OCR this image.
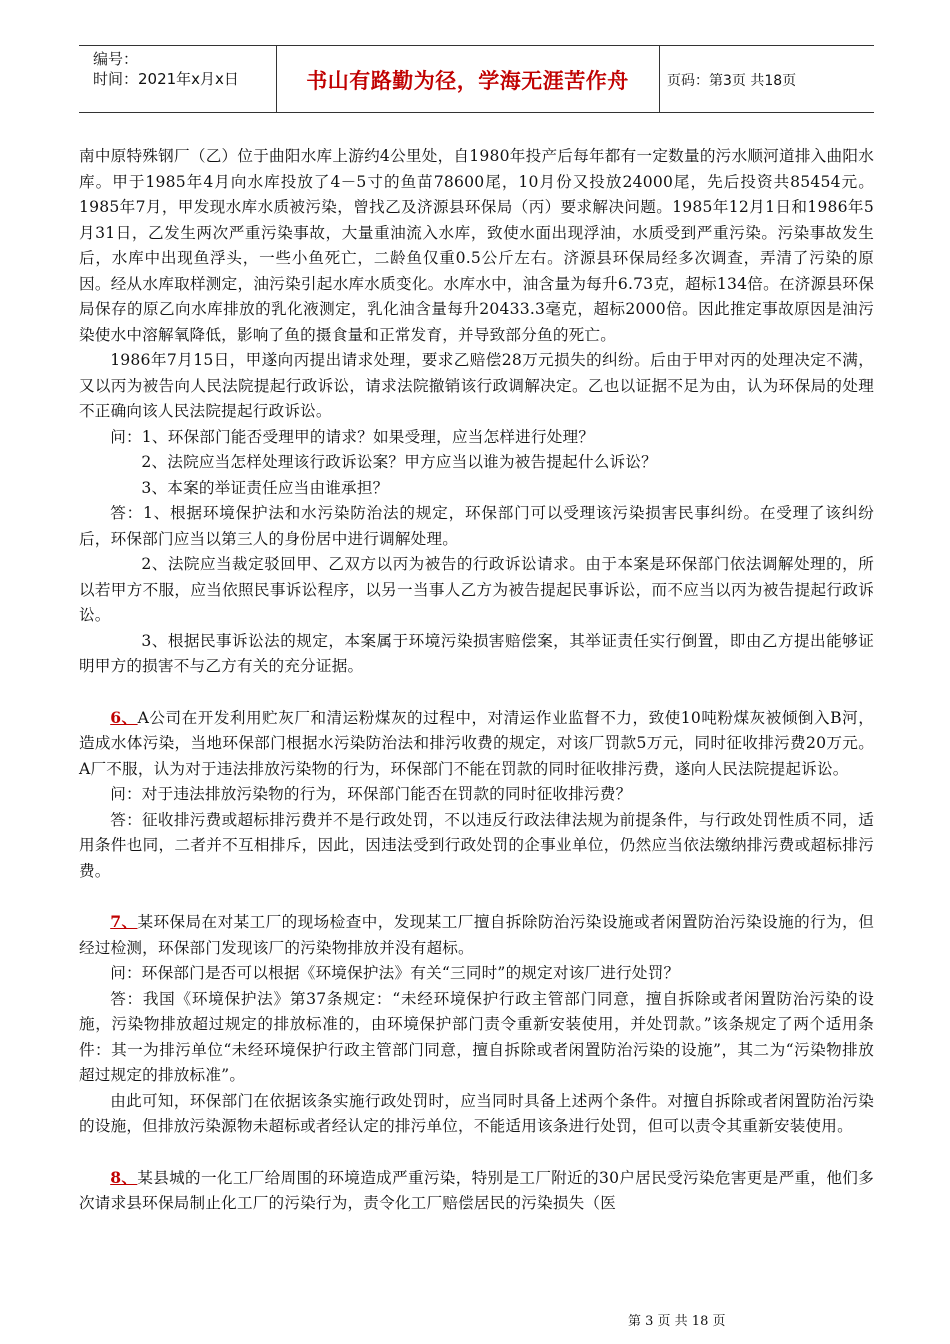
编号：
时间：2021年x月x日	书山有路勤为径，学海无涯苦作舟	页码：第3页 共18页

南中原特殊钢厂（乙）位于曲阳水库上游约4公里处，自1980年投产后每年都有一定数量的污水顺河道排入曲阳水库。甲于1985年4月向水库投放了4－5寸的鱼苗78600尾，10月份又投放24000尾，先后投资共85454元。1985年7月，甲发现水库水质被污染，曾找乙及济源县环保局（丙）要求解决问题。1985年12月1日和1986年5月31日，乙发生两次严重污染事故，大量重油流入水库，致使水面出现浮油，水质受到严重污染。污染事故发生后，水库中出现鱼浮头，一些小鱼死亡，二龄鱼仅重0.5公斤左右。济源县环保局经多次调查，弄清了污染的原因。经从水库取样测定，油污染引起水库水质变化。水库水中，油含量为每升6.73克，超标134倍。在济源县环保局保存的原乙向水库排放的乳化液测定，乳化油含量每升20433.3毫克，超标2000倍。因此推定事故原因是油污染使水中溶解氧降低，影响了鱼的摄食量和正常发育，并导致部分鱼的死亡。

1986年7月15日，甲遂向丙提出请求处理，要求乙赔偿28万元损失的纠纷。后由于甲对丙的处理决定不满，又以丙为被告向人民法院提起行政诉讼，请求法院撤销该行政调解决定。乙也以证据不足为由，认为环保局的处理不正确向该人民法院提起行政诉讼。

问：1、环保部门能否受理甲的请求？如果受理，应当怎样进行处理？

2、法院应当怎样处理该行政诉讼案？甲方应当以谁为被告提起什么诉讼？

3、本案的举证责任应当由谁承担？

答：1、根据环境保护法和水污染防治法的规定，环保部门可以受理该污染损害民事纠纷。在受理了该纠纷后，环保部门应当以第三人的身份居中进行调解处理。

2、法院应当裁定驳回甲、乙双方以丙为被告的行政诉讼请求。由于本案是环保部门依法调解处理的，所以若甲方不服，应当依照民事诉讼程序，以另一当事人乙方为被告提起民事诉讼，而不应当以丙为被告提起行政诉讼。

3、根据民事诉讼法的规定，本案属于环境污染损害赔偿案，其举证责任实行倒置，即由乙方提出能够证明甲方的损害不与乙方有关的充分证据。

6、A公司在开发利用贮灰厂和清运粉煤灰的过程中，对清运作业监督不力，致使10吨粉煤灰被倾倒入B河，造成水体污染，当地环保部门根据水污染防治法和排污收费的规定，对该厂罚款5万元，同时征收排污费20万元。A厂不服，认为对于违法排放污染物的行为，环保部门不能在罚款的同时征收排污费，遂向人民法院提起诉讼。

问：对于违法排放污染物的行为，环保部门能否在罚款的同时征收排污费？

答：征收排污费或超标排污费并不是行政处罚，不以违反行政法律法规为前提条件，与行政处罚性质不同，适用条件也同，二者并不互相排斥，因此，因违法受到行政处罚的企事业单位，仍然应当依法缴纳排污费或超标排污费。

7、某环保局在对某工厂的现场检查中，发现某工厂擅自拆除防治污染设施或者闲置防治污染设施的行为，但经过检测，环保部门发现该厂的污染物排放并没有超标。

问：环保部门是否可以根据《环境保护法》有关“三同时”的规定对该厂进行处罚？

答：我国《环境保护法》第37条规定：“未经环境保护行政主管部门同意，擅自拆除或者闲置防治污染的设施，污染物排放超过规定的排放标准的，由环境保护部门责令重新安装使用，并处罚款。”该条规定了两个适用条件：其一为排污单位“未经环境保护行政主管部门同意，擅自拆除或者闲置防治污染的设施”，其二为“污染物排放超过规定的排放标准”。

由此可知，环保部门在依据该条实施行政处罚时，应当同时具备上述两个条件。对擅自拆除或者闲置防治污染的设施，但排放污染源物未超标或者经认定的排污单位，不能适用该条进行处罚，但可以责令其重新安装使用。

8、某县城的一化工厂给周围的环境造成严重污染，特别是工厂附近的30户居民受污染危害更是严重，他们多次请求县环保局制止化工厂的污染行为，责令化工厂赔偿居民的污染损失（医

第 3 页 共 18 页
